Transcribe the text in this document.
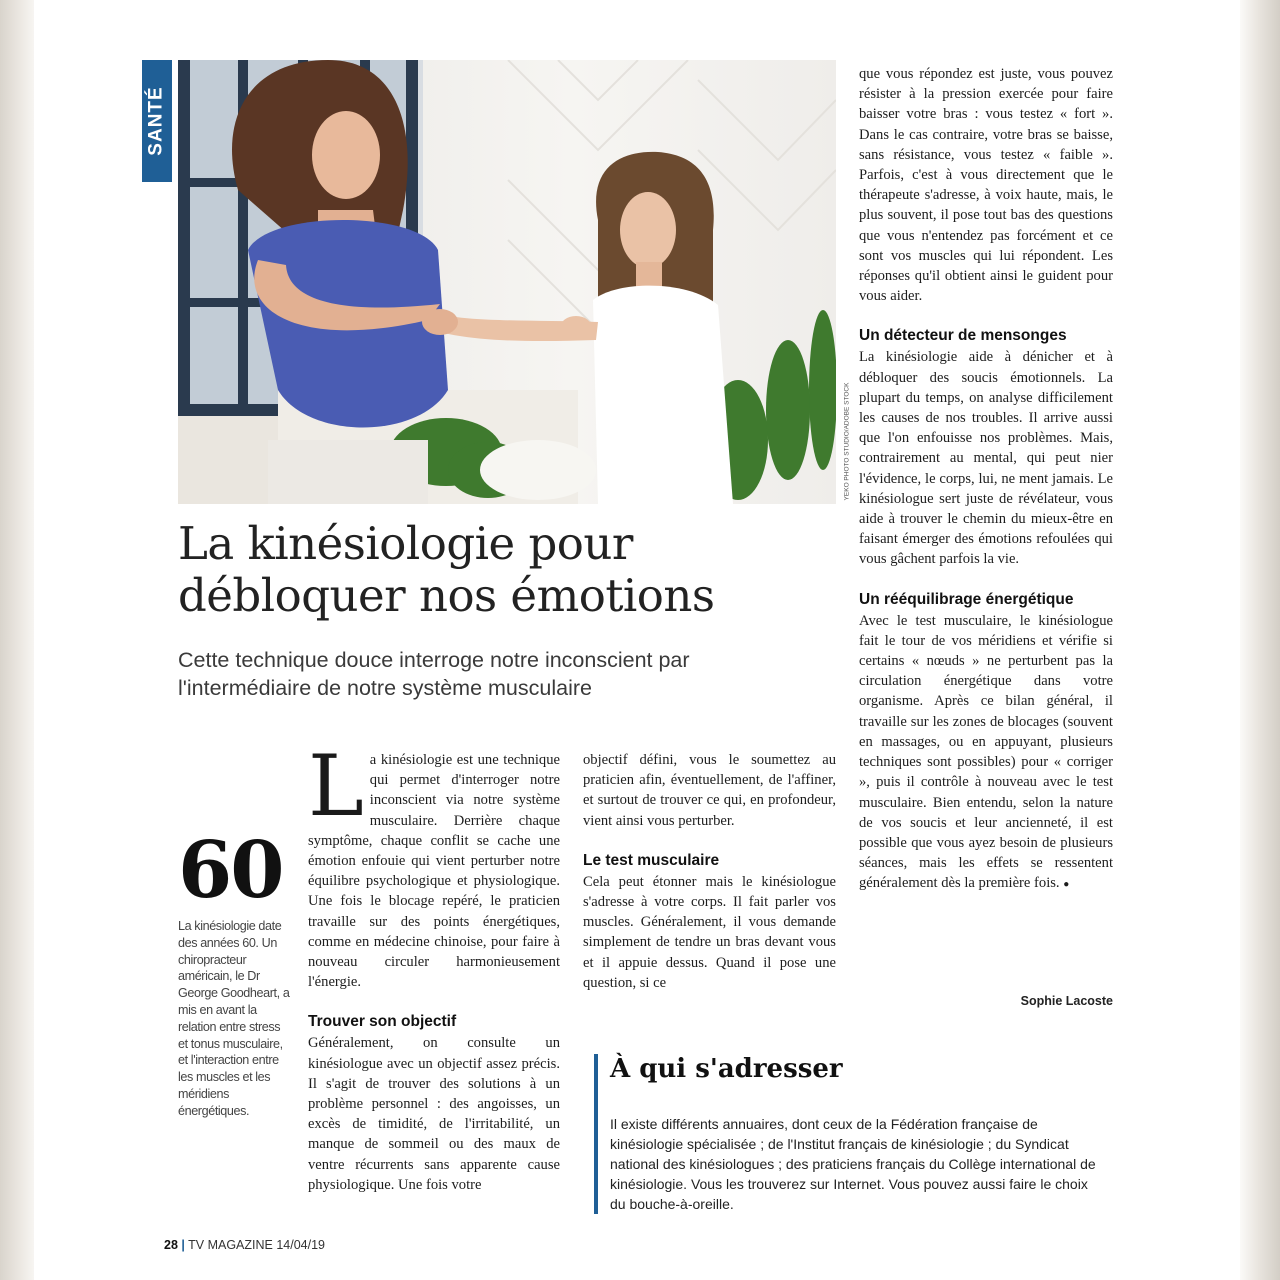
SANTÉ
YEKO PHOTO STUDIO/ADOBE STOCK
La kinésiologie pour
débloquer nos émotions

Cette technique douce interroge notre inconscient par
l'intermédiaire de notre système musculaire

60
La kinésiologie date des années 60. Un chiropracteur américain, le Dr George Goodheart, a mis en avant la relation entre stress et tonus musculaire, et l'interaction entre les muscles et les méridiens énergétiques.

La kinésiologie est une technique qui permet d'interroger notre inconscient via notre système musculaire. Derrière chaque symptôme, chaque conflit se cache une émotion enfouie qui vient perturber notre équilibre psychologique et physiologique. Une fois le blocage repéré, le praticien travaille sur des points énergétiques, comme en médecine chinoise, pour faire à nouveau circuler harmonieusement l'énergie.

Trouver son objectif

Généralement, on consulte un kinésiologue avec un objectif assez précis. Il s'agit de trouver des solutions à un problème personnel : des angoisses, un excès de timidité, de l'irritabilité, un manque de sommeil ou des maux de ventre récurrents sans apparente cause physiologique. Une fois votre

objectif défini, vous le soumettez au praticien afin, éventuellement, de l'affiner, et surtout de trouver ce qui, en profondeur, vient ainsi vous perturber.

Le test musculaire

Cela peut étonner mais le kinésiologue s'adresse à votre corps. Il fait parler vos muscles. Généralement, il vous demande simplement de tendre un bras devant vous et il appuie dessus. Quand il pose une question, si ce

que vous répondez est juste, vous pouvez résister à la pression exercée pour faire baisser votre bras : vous testez « fort ». Dans le cas contraire, votre bras se baisse, sans résistance, vous testez « faible ». Parfois, c'est à vous directement que le thérapeute s'adresse, à voix haute, mais, le plus souvent, il pose tout bas des questions que vous n'entendez pas forcément et ce sont vos muscles qui lui répondent. Les réponses qu'il obtient ainsi le guident pour vous aider.

Un détecteur de mensonges

La kinésiologie aide à dénicher et à débloquer des soucis émotionnels. La plupart du temps, on analyse difficilement les causes de nos troubles. Il arrive aussi que l'on enfouisse nos problèmes. Mais, contrairement au mental, qui peut nier l'évidence, le corps, lui, ne ment jamais. Le kinésiologue sert juste de révélateur, vous aide à trouver le chemin du mieux-être en faisant émerger des émotions refoulées qui vous gâchent parfois la vie.

Un rééquilibrage énergétique

Avec le test musculaire, le kinésiologue fait le tour de vos méridiens et vérifie si certains « nœuds » ne perturbent pas la circulation énergétique dans votre organisme. Après ce bilan général, il travaille sur les zones de blocages (souvent en massages, ou en appuyant, plusieurs techniques sont possibles) pour « corriger », puis il contrôle à nouveau avec le test musculaire. Bien entendu, selon la nature de vos soucis et leur ancienneté, il est possible que vous ayez besoin de plusieurs séances, mais les effets se ressentent généralement dès la première fois. ●

Sophie Lacoste
À qui s'adresser

Il existe différents annuaires, dont ceux de la Fédération française de kinésiologie spécialisée ; de l'Institut français de kinésiologie ; du Syndicat national des kinésiologues ; des praticiens français du Collège international de kinésiologie. Vous les trouverez sur Internet. Vous pouvez aussi faire le choix du bouche-à-oreille.

28 | TV MAGAZINE 14/04/19
